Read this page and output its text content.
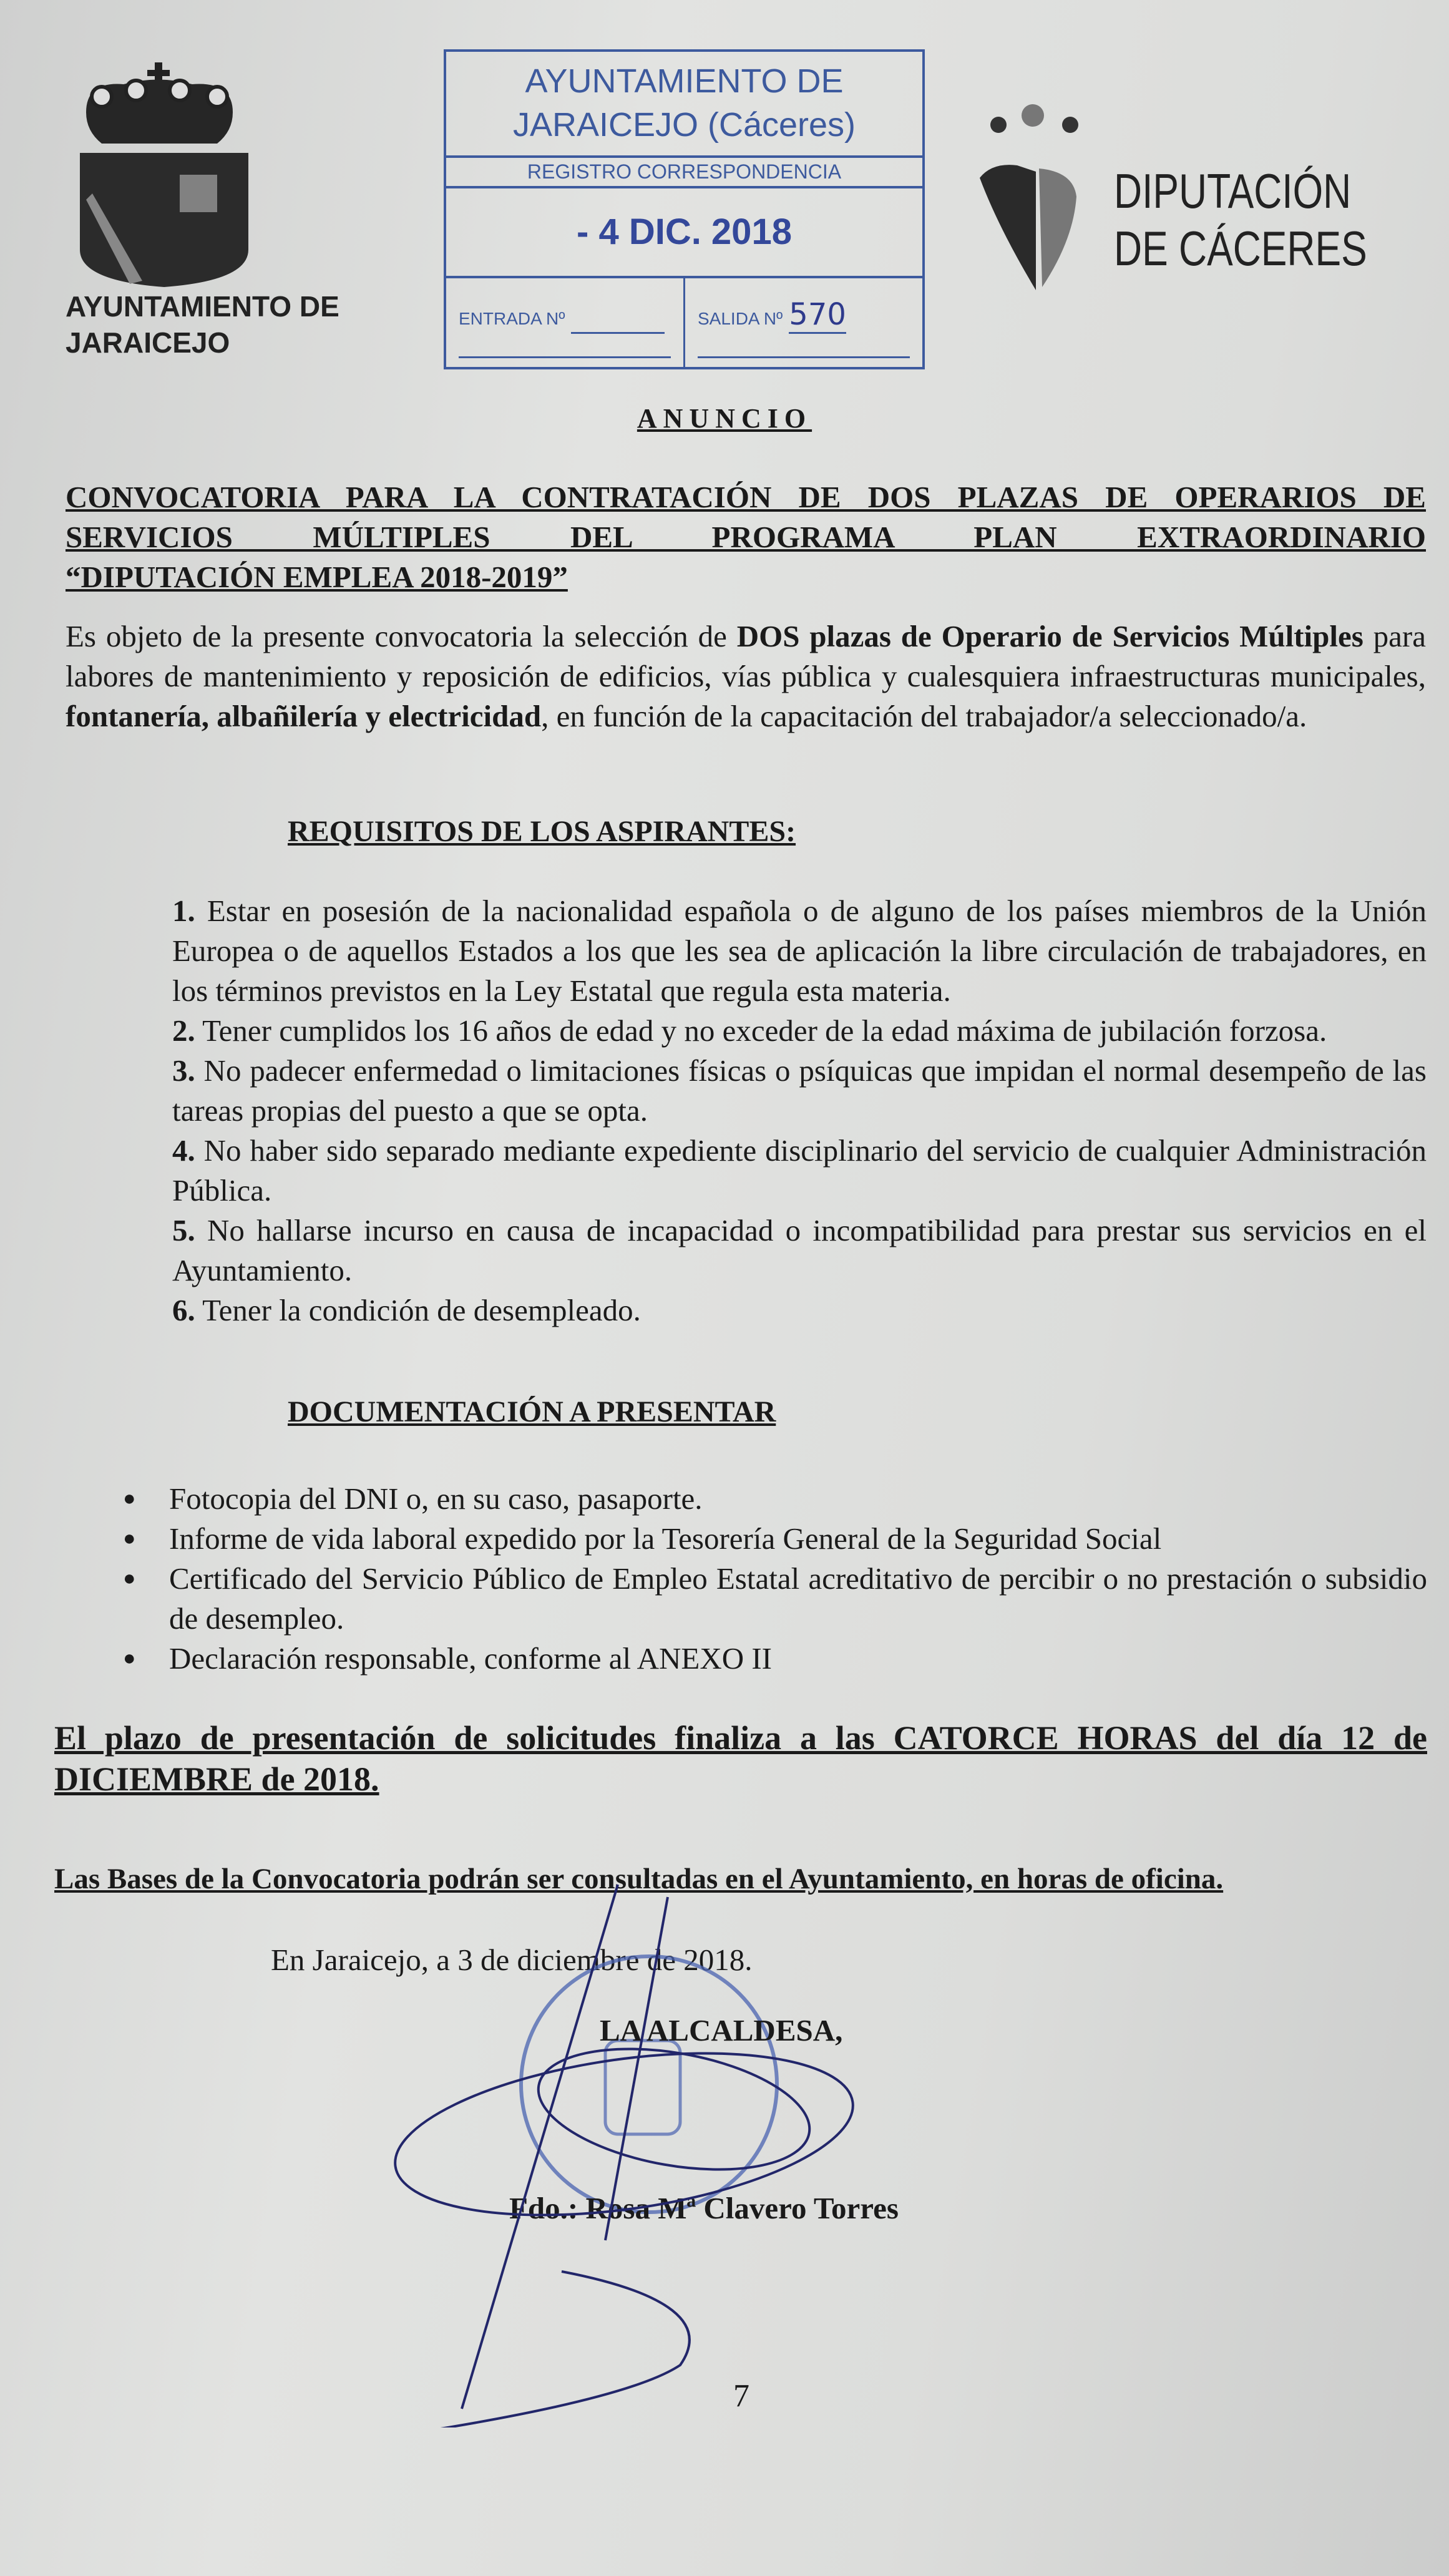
AYUNTAMIENTO DE
JARAICEJO
AYUNTAMIENTO DE
JARAICEJO (Cáceres)
REGISTRO CORRESPONDENCIA
- 4 DIC. 2018
ENTRADA Nº	SALIDA Nº 570
DIPUTACIÓN
DE CÁCERES
ANUNCIO
CONVOCATORIA PARA LA CONTRATACIÓN DE DOS PLAZAS DE OPERARIOS DE
SERVICIOS MÚLTIPLES DEL PROGRAMA PLAN EXTRAORDINARIO
“DIPUTACIÓN EMPLEA 2018-2019”
Es objeto de la presente convocatoria la selección de DOS plazas de Operario de Servicios Múltiples para labores de mantenimiento y reposición de edificios, vías pública y cualesquiera infraestructuras municipales, fontanería, albañilería y electricidad, en función de la capacitación del trabajador/a seleccionado/a.
REQUISITOS DE LOS ASPIRANTES:
1. Estar en posesión de la nacionalidad española o de alguno de los países miembros de la Unión Europea o de aquellos Estados a los que les sea de aplicación la libre circulación de trabajadores, en los términos previstos en la Ley Estatal que regula esta materia.
2. Tener cumplidos los 16 años de edad y no exceder de la edad máxima de jubilación forzosa.
3. No padecer enfermedad o limitaciones físicas o psíquicas que impidan el normal desempeño de las tareas propias del puesto a que se opta.
4. No haber sido separado mediante expediente disciplinario del servicio de cualquier Administración Pública.
5. No hallarse incurso en causa de incapacidad o incompatibilidad para prestar sus servicios en el Ayuntamiento.
6. Tener la condición de desempleado.
DOCUMENTACIÓN A PRESENTAR
● Fotocopia del DNI o, en su caso, pasaporte.
● Informe de vida laboral expedido por la Tesorería General de la Seguridad Social
● Certificado del Servicio Público de Empleo Estatal acreditativo de percibir o no prestación o subsidio de desempleo.
● Declaración responsable, conforme al ANEXO II
El plazo de presentación de solicitudes finaliza a las CATORCE HORAS del día 12 de DICIEMBRE de 2018.
Las Bases de la Convocatoria podrán ser consultadas en el Ayuntamiento, en horas de oficina.
En Jaraicejo, a 3 de diciembre de 2018.
LA ALCALDESA,
Fdo.: Rosa Mª Clavero Torres
7
